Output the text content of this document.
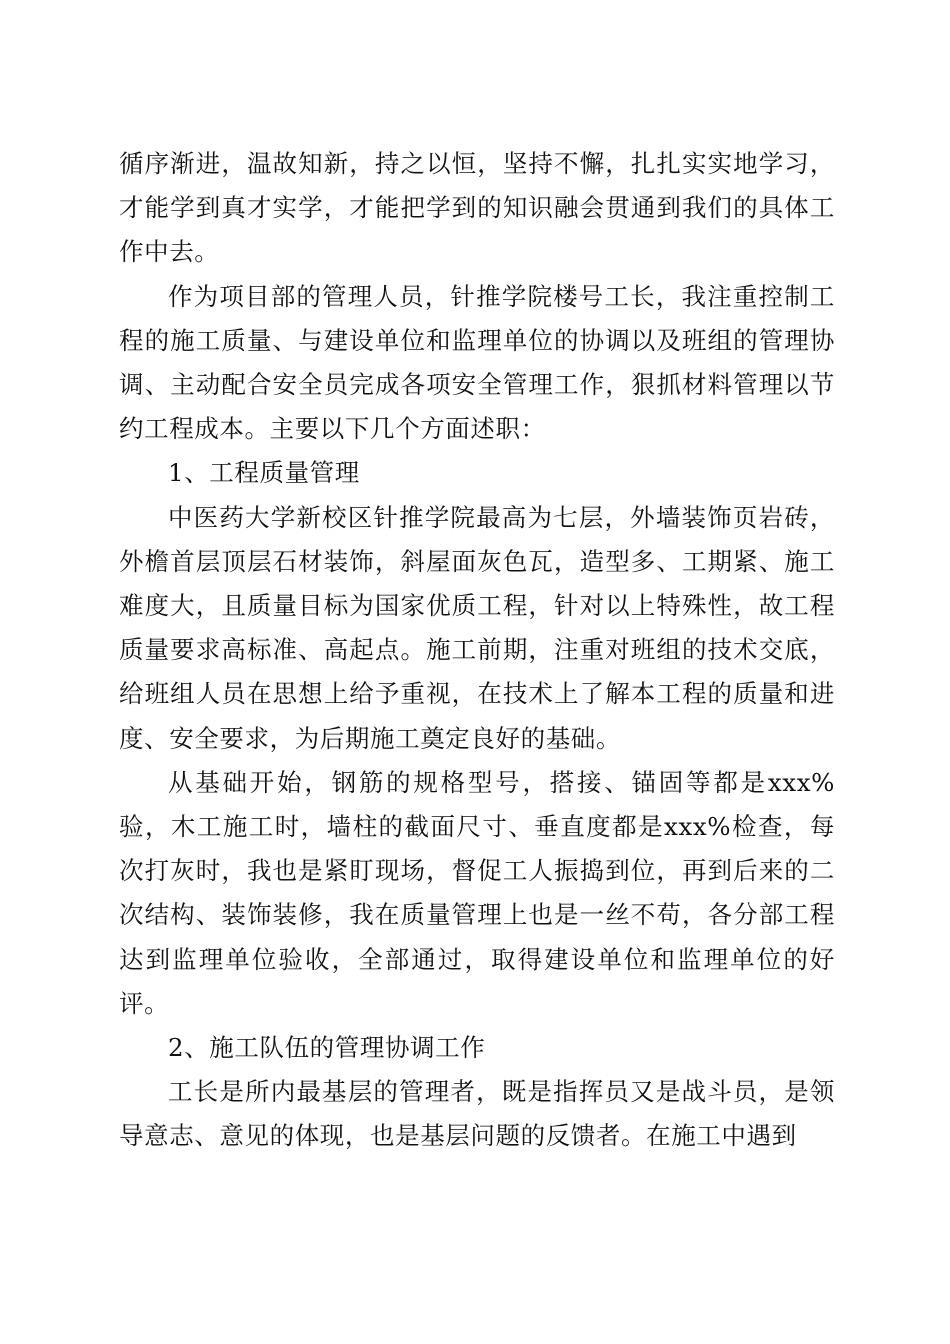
循序渐进，温故知新，持之以恒，坚持不懈，扎扎实实地学习，才能学到真才实学，才能把学到的知识融会贯通到我们的具体工作中去。

作为项目部的管理人员，针推学院楼号工长，我注重控制工程的施工质量、与建设单位和监理单位的协调以及班组的管理协调、主动配合安全员完成各项安全管理工作，狠抓材料管理以节约工程成本。主要以下几个方面述职：

1、工程质量管理

中医药大学新校区针推学院最高为七层，外墙装饰页岩砖，外檐首层顶层石材装饰，斜屋面灰色瓦，造型多、工期紧、施工难度大，且质量目标为国家优质工程，针对以上特殊性，故工程质量要求高标准、高起点。施工前期，注重对班组的技术交底，给班组人员在思想上给予重视，在技术上了解本工程的质量和进度、安全要求，为后期施工奠定良好的基础。

从基础开始，钢筋的规格型号，搭接、锚固等都是xxx%验，木工施工时，墙柱的截面尺寸、垂直度都是xxx%检查，每次打灰时，我也是紧盯现场，督促工人振捣到位，再到后来的二次结构、装饰装修，我在质量管理上也是一丝不苟，各分部工程达到监理单位验收，全部通过，取得建设单位和监理单位的好评。

2、施工队伍的管理协调工作

工长是所内最基层的管理者，既是指挥员又是战斗员，是领导意志、意见的体现，也是基层问题的反馈者。在施工中遇到
